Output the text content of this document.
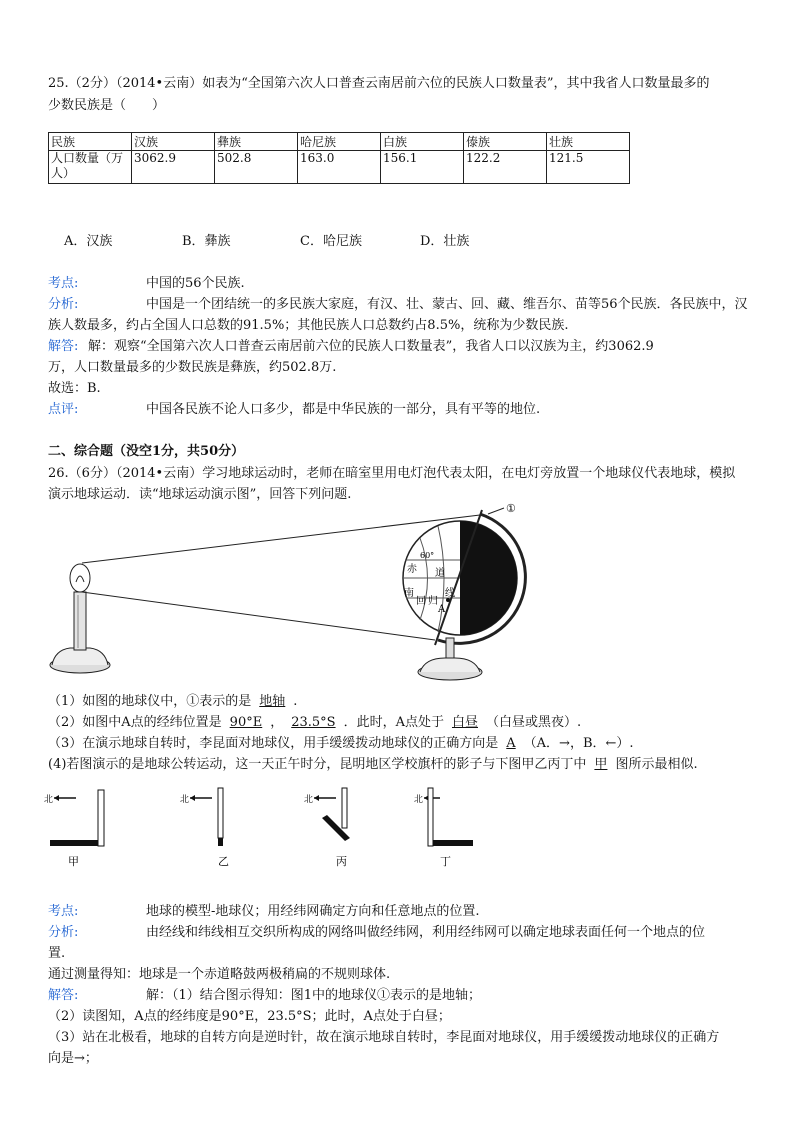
25.（2分）（2014•云南）如表为“全国第六次人口普查云南居前六位的民族人口数量表”，其中我省人口数量最多的
少数民族是（　　）
民族	汉族	彝族	哈尼族	白族	傣族	壮族
人口数量（万
人）	3062.9	502.8	163.0	156.1	122.2	121.5
A．汉族	B．彝族	C．哈尼族	D．壮族
考点:	中国的56个民族.
分析:	中国是一个团结统一的多民族大家庭，有汉、壮、蒙古、回、藏、维吾尔、苗等56个民族．各民族中，汉
族人数最多，约占全国人口总数的91.5%；其他民族人口总数约占8.5%，统称为少数民族.
解答: 解：观察“全国第六次人口普查云南居前六位的民族人口数量表”，我省人口以汉族为主，约3062.9
万，人口数量最多的少数民族是彝族，约502.8万.
故选：B.
点评:	中国各民族不论人口多少，都是中华民族的一部分，具有平等的地位.
二、综合题（没空1分，共50分）
26.（6分）（2014•云南）学习地球运动时，老师在暗室里用电灯泡代表太阳，在电灯旁放置一个地球仪代表地球，模拟
演示地球运动．读“地球运动演示图”，回答下列问题.
60°
赤 道
线
南
回 归
A
①
（1）如图的地球仪中，①表示的是 地轴 .
（2）如图中A点的经纬位置是 90°E ， 23.5°S ．此时，A点处于 白昼 （白昼或黑夜）.
（3）在演示地球自转时，李昆面对地球仪，用手缓缓拨动地球仪的正确方向是 A （A．→，B．←）.
(4)若图演示的是地球公转运动，这一天正午时分，昆明地区学校旗杆的影子与下图甲乙丙丁中 甲 图所示最相似.
北
甲
北
乙
北
丙
北
丁
考点:	地球的模型-地球仪；用经纬网确定方向和任意地点的位置.
分析:	由经线和纬线相互交织所构成的网络叫做经纬网，利用经纬网可以确定地球表面任何一个地点的位
置.
通过测量得知：地球是一个赤道略鼓两极稍扁的不规则球体.
解答:	解：（1）结合图示得知：图1中的地球仪①表示的是地轴；
（2）读图知，A点的经纬度是90°E，23.5°S；此时，A点处于白昼；
（3）站在北极看，地球的自转方向是逆时针，故在演示地球自转时，李昆面对地球仪，用手缓缓拨动地球仪的正确方
向是→；
